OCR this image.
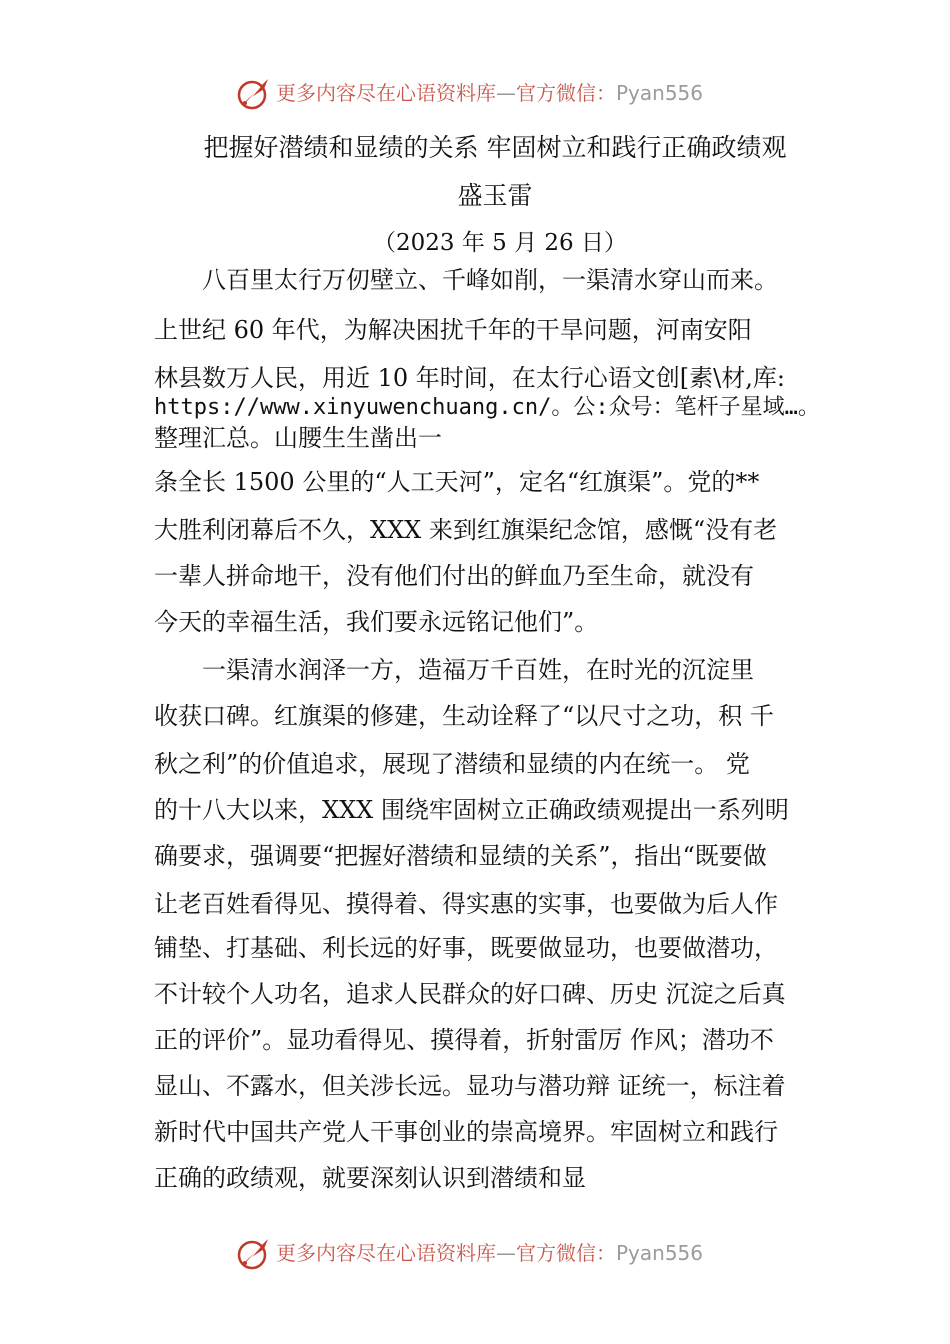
更多内容尽在心语资料库—官方微信：Pyan556
把握好潜绩和显绩的关系 牢固树立和践行正确政绩观
盛玉雷
（2023 年 5 月 26 日）
　　八百里太行万仞壁立、千峰如削，一渠清水穿山而来。
上世纪 60 年代，为解决困扰千年的干旱问题，河南安阳
林县数万人民，用近 10 年时间，在太行心语文创[素\材,库:
https://www.xinyuwenchuang.cn/。公:众号：笔杆子星域…。
整理汇总。山腰生生凿出一
条全长 1500 公里的“人工天河”，定名“红旗渠”。党的**
大胜利闭幕后不久，XXX 来到红旗渠纪念馆，感慨“没有老
一辈人拼命地干，没有他们付出的鲜血乃至生命，就没有
今天的幸福生活，我们要永远铭记他们”。
　　一渠清水润泽一方，造福万千百姓，在时光的沉淀里
收获口碑。红旗渠的修建，生动诠释了“以尺寸之功，积 千
秋之利”的价值追求，展现了潜绩和显绩的内在统一。 党
的十八大以来，XXX 围绕牢固树立正确政绩观提出一系列明
确要求，强调要“把握好潜绩和显绩的关系”，指出“既要做
让老百姓看得见、摸得着、得实惠的实事，也要做为后人作
铺垫、打基础、利长远的好事，既要做显功，也要做潜功，
不计较个人功名，追求人民群众的好口碑、历史 沉淀之后真
正的评价”。显功看得见、摸得着，折射雷厉 作风；潜功不
显山、不露水，但关涉长远。显功与潜功辩 证统一，标注着
新时代中国共产党人干事创业的崇高境界。牢固树立和践行
正确的政绩观，就要深刻认识到潜绩和显
更多内容尽在心语资料库—官方微信：Pyan556
